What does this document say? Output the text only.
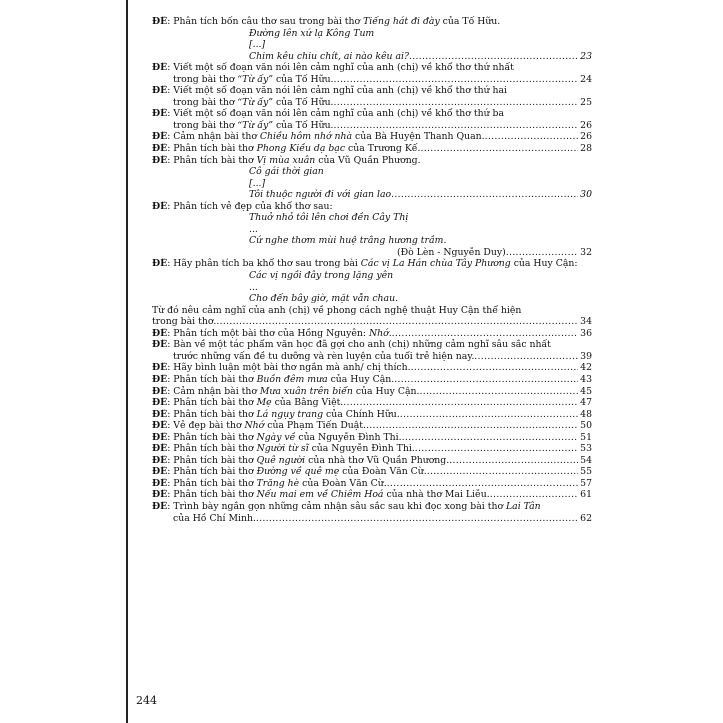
ĐỀ: Phân tích bốn câu thơ sau trong bài thơ Tiếng hát đi đày của Tố Hữu.
Đường lên xứ lạ Kông Tum
[...]
Chim kêu chiu chít, ai nào kêu ai? .....	23
ĐỀ: Viết một số đoạn văn nói lên cảm nghĩ của anh (chị) về khổ thơ thứ nhất
trong bài thơ “Từ ấy” của Tố Hữu. .....	24
ĐỀ: Viết một số đoạn văn nói lên cảm nghĩ của anh (chị) về khổ thơ thứ hai
trong bài thơ “Từ ấy” của Tố Hữu. .....	25
ĐỀ: Viết một số đoạn văn nói lên cảm nghĩ của anh (chị) về khổ thơ thứ ba
trong bài thơ “Từ ấy” của Tố Hữu. .....	26
ĐỀ: Cảm nhận bài thơ Chiều hôm nhớ nhà của Bà Huyện Thanh Quan. .....	26
ĐỀ: Phân tích bài thơ Phong Kiều dạ bạc của Trương Kế. .....	28
ĐỀ: Phân tích bài thơ Vị mùa xuân của Vũ Quần Phương.
Cô gái thời gian
[...]
Tôi thuộc người đi với gian lao .....	30
ĐỀ: Phân tích vẻ đẹp của khổ thơ sau:
Thuở nhỏ tôi lên chơi đền Cây Thị
...
Cứ nghe thơm mùi huệ trắng hương trầm.
(Đò Lèn - Nguyễn Duy) .....	32
ĐỀ: Hãy phân tích ba khổ thơ sau trong bài Các vị La Hán chùa Tây Phương của Huy Cận:
Các vị ngồi đây trong lặng yên
...
Cho đến bây giờ, mặt vẫn chau.
Từ đó nêu cảm nghĩ của anh (chị) về phong cách nghệ thuật Huy Cận thể hiện
trong bài thơ. .....	34
ĐỀ: Phân tích một bài thơ của Hồng Nguyên: Nhớ. .....	36
ĐỀ: Bàn về một tác phẩm văn học đã gợi cho anh (chị) những cảm nghĩ sâu sắc nhất
trước những vấn đề tu dưỡng và rèn luyện của tuổi trẻ hiện nay. .....	39
ĐỀ: Hãy bình luận một bài thơ ngắn mà anh/ chị thích. .....	42
ĐỀ: Phân tích bài thơ Buồn đêm mưa của Huy Cận. .....	43
ĐỀ: Cảm nhận bài thơ Mưa xuân trên biển của Huy Cận. .....	45
ĐỀ: Phân tích bài thơ Mẹ của Bằng Việt. .....	47
ĐỀ: Phân tích bài thơ Lá ngụy trang của Chính Hữu. .....	48
ĐỀ: Vẻ đẹp bài thơ Nhớ của Phạm Tiến Duật. .....	50
ĐỀ: Phân tích bài thơ Ngày về của Nguyễn Đình Thi. .....	51
ĐỀ: Phân tích bài thơ Người từ sĩ của Nguyễn Đình Thi. .....	53
ĐỀ: Phân tích bài thơ Quê người của nhà thơ Vũ Quần Phương. .....	54
ĐỀ: Phân tích bài thơ Đường về quê mẹ của Đoàn Văn Cừ. .....	55
ĐỀ: Phân tích bài thơ Trăng hè của Đoàn Văn Cừ. .....	57
ĐỀ: Phân tích bài thơ Nếu mai em về Chiêm Hoá của nhà thơ Mai Liễu. .....	61
ĐỀ: Trình bày ngắn gọn những cảm nhận sâu sắc sau khi đọc xong bài thơ Lai Tân
của Hồ Chí Minh. .....	62
244
